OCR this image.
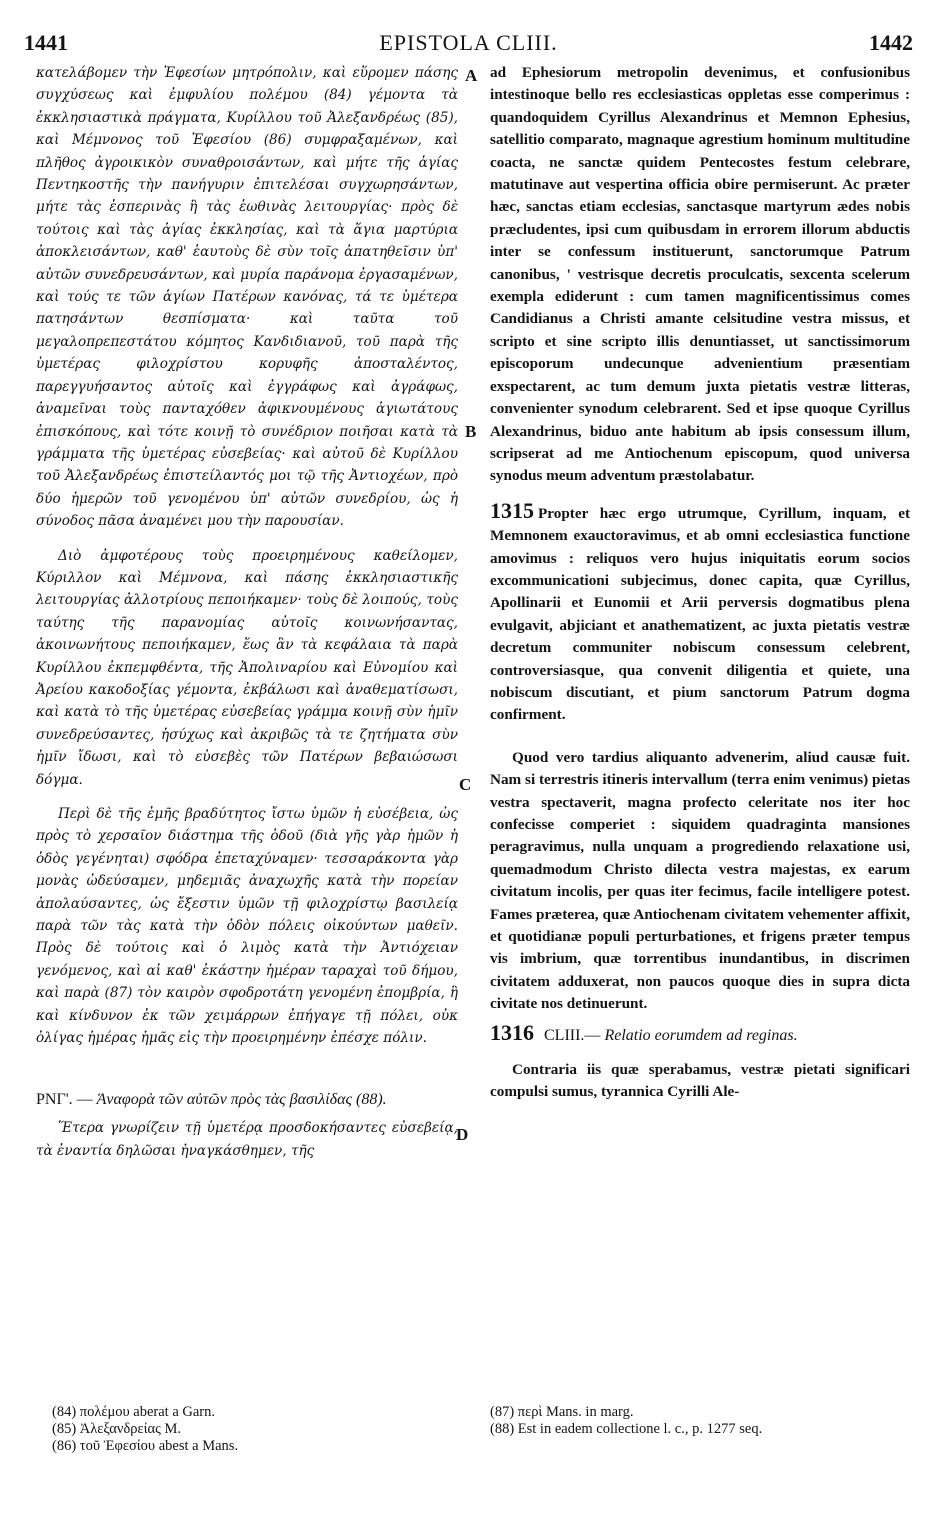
1441	EPISTOLA CLIII.	1442
A
B
C
D

κατελάβομεν τὴν Ἐφεσίων μητρόπολιν, καὶ εὕρομεν πάσης συγχύσεως καὶ ἐμφυλίου πολέμου (84) γέμοντα τὰ ἐκκλησιαστικὰ πράγματα, Κυρίλλου τοῦ Ἀλεξανδρέως (85), καὶ Μέμνονος τοῦ Ἐφεσίου (86) συμφραξαμένων, καὶ πλῆθος ἀγροικικὸν συναθροισάντων, καὶ μήτε τῆς ἁγίας Πεντηκοστῆς τὴν πανήγυριν ἐπιτελέσαι συγχωρησάντων, μήτε τὰς ἑσπερινὰς ἢ τὰς ἑωθινὰς λειτουργίας· πρὸς δὲ τούτοις καὶ τὰς ἁγίας ἐκκλησίας, καὶ τὰ ἅγια μαρτύρια ἀποκλεισάντων, καθ' ἑαυτοὺς δὲ σὺν τοῖς ἀπατηθεῖσιν ὑπ' αὐτῶν συνεδρευσάντων, καὶ μυρία παράνομα ἐργασαμένων, καὶ τούς τε τῶν ἁγίων Πατέρων κανόνας, τά τε ὑμέτερα πατησάντων θεσπίσματα· καὶ ταῦτα τοῦ μεγαλοπρεπεστάτου κόμητος Κανδιδιανοῦ, τοῦ παρὰ τῆς ὑμετέρας φιλοχρίστου κορυφῆς ἀποσταλέντος, παρεγγυήσαντος αὐτοῖς καὶ ἐγγράφως καὶ ἀγράφως, ἀναμεῖναι τοὺς πανταχόθεν ἀφικνουμένους ἁγιωτάτους ἐπισκόπους, καὶ τότε κοινῇ τὸ συνέδριον ποιῆσαι κατὰ τὰ γράμματα τῆς ὑμετέρας εὐσεβείας· καὶ αὐτοῦ δὲ Κυρίλλου τοῦ Ἀλεξανδρέως ἐπιστείλαντός μοι τῷ τῆς Ἀντιοχέων, πρὸ δύο ἡμερῶν τοῦ γενομένου ὑπ' αὐτῶν συνεδρίου, ὡς ἡ σύνοδος πᾶσα ἀναμένει μου τὴν παρουσίαν.

Διὸ ἀμφοτέρους τοὺς προειρημένους καθείλομεν, Κύριλλον καὶ Μέμνονα, καὶ πάσης ἐκκλησιαστικῆς λειτουργίας ἀλλοτρίους πεποιήκαμεν· τοὺς δὲ λοιπούς, τοὺς ταύτης τῆς παρανομίας αὐτοῖς κοινωνήσαντας, ἀκοινωνήτους πεποιήκαμεν, ἕως ἂν τὰ κεφάλαια τὰ παρὰ Κυρίλλου ἐκπεμφθέντα, τῆς Ἀπολιναρίου καὶ Εὐνομίου καὶ Ἀρείου κακοδοξίας γέμοντα, ἐκβάλωσι καὶ ἀναθεματίσωσι, καὶ κατὰ τὸ τῆς ὑμετέρας εὐσεβείας γράμμα κοινῇ σὺν ἡμῖν συνεδρεύσαντες, ἡσύχως καὶ ἀκριβῶς τὰ τε ζητήματα σὺν ἡμῖν ἴδωσι, καὶ τὸ εὐσεβὲς τῶν Πατέρων βεβαιώσωσι δόγμα.

Περὶ δὲ τῆς ἐμῆς βραδύτητος ἴστω ὑμῶν ἡ εὐσέβεια, ὡς πρὸς τὸ χερσαῖον διάστημα τῆς ὁδοῦ (διὰ γῆς γὰρ ἡμῶν ἡ ὁδὸς γεγένηται) σφόδρα ἐπεταχύναμεν· τεσσαράκοντα γὰρ μονὰς ὡδεύσαμεν, μηδεμιᾶς ἀναχωχῆς κατὰ τὴν πορείαν ἀπολαύσαντες, ὡς ἔξεστιν ὑμῶν τῇ φιλοχρίστῳ βασιλείᾳ παρὰ τῶν τὰς κατὰ τὴν ὁδὸν πόλεις οἰκούντων μαθεῖν. Πρὸς δὲ τούτοις καὶ ὁ λιμὸς κατὰ τὴν Ἀντιόχειαν γενόμενος, καὶ αἱ καθ' ἑκάστην ἡμέραν ταραχαὶ τοῦ δήμου, καὶ παρὰ (87) τὸν καιρὸν σφοδροτάτη γενομένη ἐπομβρία, ἣ καὶ κίνδυνον ἐκ τῶν χειμάρρων ἐπήγαγε τῇ πόλει, οὐκ ὀλίγας ἡμέρας ἡμᾶς εἰς τὴν προειρημένην ἐπέσχε πόλιν.

ΡΝΓ'. — Ἀναφορὰ τῶν αὐτῶν πρὸς τὰς βασιλίδας (88).

Ἕτερα γνωρίζειν τῇ ὑμετέρᾳ προσδοκήσαντες εὐσεβείᾳ, τὰ ἐναντία δηλῶσαι ἠναγκάσθημεν, τῆς

ad Ephesiorum metropolin devenimus, et confusionibus intestinoque bello res ecclesiasticas oppletas esse comperimus : quandoquidem Cyrillus Alexandrinus et Memnon Ephesius, satellitio comparato, magnaque agrestium hominum multitudine coacta, ne sanctæ quidem Pentecostes festum celebrare, matutinave aut vespertina officia obire permiserunt. Ac præter hæc, sanctas etiam ecclesias, sanctasque martyrum ædes nobis præcludentes, ipsi cum quibusdam in errorem illorum abductis inter se confessum instituerunt, sanctorumque Patrum canonibus, ' vestrisque decretis proculcatis, sexcenta scelerum exempla ediderunt : cum tamen magnificentissimus comes Candidianus a Christi amante celsitudine vestra missus, et scripto et sine scripto illis denuntiasset, ut sanctissimorum episcoporum undecunque advenientium præsentiam exspectarent, ac tum demum juxta pietatis vestræ litteras, convenienter synodum celebrarent. Sed et ipse quoque Cyrillus Alexandrinus, biduo ante habitum ab ipsis consessum illum, scripserat ad me Antiochenum episcopum, quod universa synodus meum adventum præstolabatur.

1315 Propter hæc ergo utrumque, Cyrillum, inquam, et Memnonem exauctoravimus, et ab omni ecclesiastica functione amovimus : reliquos vero hujus iniquitatis eorum socios excommunicationi subjecimus, donec capita, quæ Cyrillus, Apollinarii et Eunomii et Arii perversis dogmatibus plena evulgavit, abjiciant et anathematizent, ac juxta pietatis vestræ decretum communiter nobiscum consessum celebrent, controversiasque, qua convenit diligentia et quiete, una nobiscum discutiant, et pium sanctorum Patrum dogma confirment.

Quod vero tardius aliquanto advenerim, aliud causæ fuit. Nam si terrestris itineris intervallum (terra enim venimus) pietas vestra spectaverit, magna profecto celeritate nos iter hoc confecisse comperiet : siquidem quadraginta mansiones peragravimus, nulla unquam a progrediendo relaxatione usi, quemadmodum Christo dilecta vestra majestas, ex earum civitatum incolis, per quas iter fecimus, facile intelligere potest. Fames præterea, quæ Antiochenam civitatem vehementer affixit, et quotidianæ populi perturbationes, et frigens præter tempus vis imbrium, quæ torrentibus inundantibus, in discrimen civitatem adduxerat, non paucos quoque dies in supra dicta civitate nos detinuerunt.

1316 CLIII.— Relatio eorumdem ad reginas.

Contraria iis quæ sperabamus, vestræ pietati significari compulsi sumus, tyrannica Cyrilli Ale-

(84) πολέμου aberat a Garn.

(85) Ἀλεξανδρείας M.

(86) τοῦ Ἐφεσίου abest a Mans.

(87) περὶ Mans. in marg.

(88) Est in eadem collectione l. c., p. 1277 seq.
